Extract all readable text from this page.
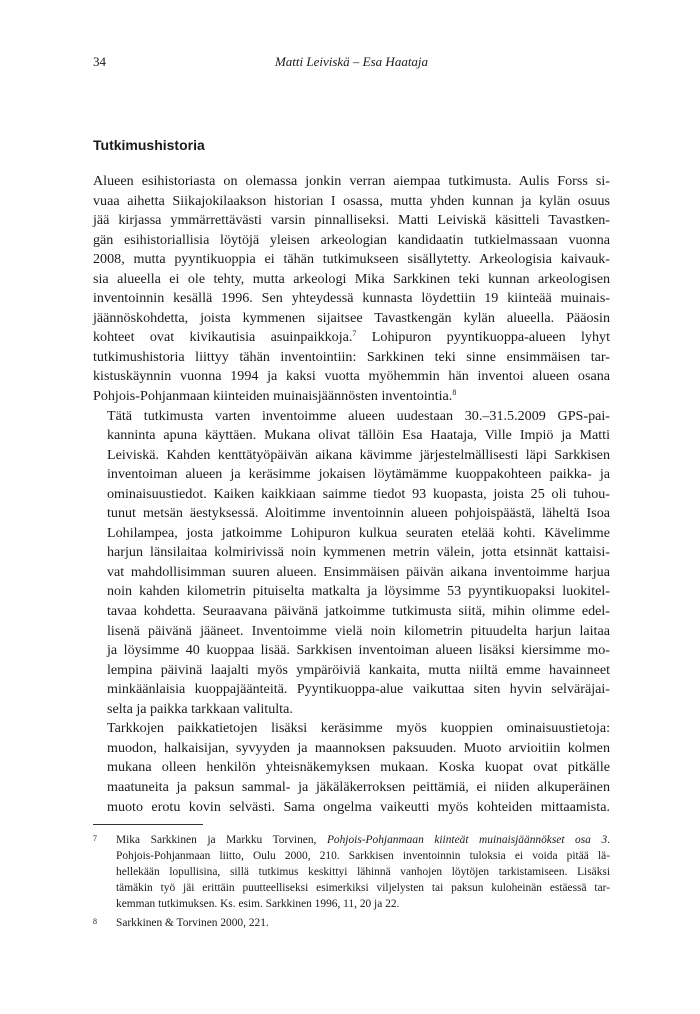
34	Matti Leiviskä – Esa Haataja
Tutkimushistoria

Alueen esihistoriasta on olemassa jonkin verran aiempaa tutkimusta. Aulis Forss si-
vuaa aihetta Siikajokilaakson historian I osassa, mutta yhden kunnan ja kylän osuus
jää kirjassa ymmärrettävästi varsin pinnalliseksi. Matti Leiviskä käsitteli Tavastken-
gän esihistoriallisia löytöjä yleisen arkeologian kandidaatin tutkielmassaan vuonna
2008, mutta pyyntikuoppia ei tähän tutkimukseen sisällytetty. Arkeologisia kaivauk-
sia alueella ei ole tehty, mutta arkeologi Mika Sarkkinen teki kunnan arkeologisen
inventoinnin kesällä 1996. Sen yhteydessä kunnasta löydettiin 19 kiinteää muinais-
jäännöskohdetta, joista kymmenen sijaitsee Tavastkengän kylän alueella. Pääosin
kohteet ovat kivikautisia asuinpaikkoja.$^7$ Lohipuron pyyntikuoppa-alueen lyhyt
tutkimushistoria liittyy tähän inventointiin: Sarkkinen teki sinne ensimmäisen tar-
kistuskäynnin vuonna 1994 ja kaksi vuotta myöhemmin hän inventoi alueen osana
Pohjois-Pohjanmaan kiinteiden muinaisjäännösten inventointia.$^8$

Tätä tutkimusta varten inventoimme alueen uudestaan 30.–31.5.2009 GPS-pai-
kanninta apuna käyttäen. Mukana olivat tällöin Esa Haataja, Ville Impiö ja Matti
Leiviskä. Kahden kenttätyöpäivän aikana kävimme järjestelmällisesti läpi Sarkkisen
inventoiman alueen ja keräsimme jokaisen löytämämme kuoppakohteen paikka- ja
ominaisuustiedot. Kaiken kaikkiaan saimme tiedot 93 kuopasta, joista 25 oli tuhou-
tunut metsän äestyksessä. Aloitimme inventoinnin alueen pohjoispäästä, läheltä Isoa
Lohilampea, josta jatkoimme Lohipuron kulkua seuraten etelää kohti. Kävelimme
harjun länsilaitaa kolmirivissä noin kymmenen metrin välein, jotta etsinnät kattaisi-
vat mahdollisimman suuren alueen. Ensimmäisen päivän aikana inventoimme harjua
noin kahden kilometrin pituiselta matkalta ja löysimme 53 pyyntikuopaksi luokitel-
tavaa kohdetta. Seuraavana päivänä jatkoimme tutkimusta siitä, mihin olimme edel-
lisenä päivänä jääneet. Inventoimme vielä noin kilometrin pituudelta harjun laitaa
ja löysimme 40 kuoppaa lisää. Sarkkisen inventoiman alueen lisäksi kiersimme mo-
lempina päivinä laajalti myös ympäröiviä kankaita, mutta niiltä emme havainneet
minkäänlaisia kuoppajäänteitä. Pyyntikuoppa-alue vaikuttaa siten hyvin selväräjai-
selta ja paikka tarkkaan valitulta.

Tarkkojen paikkatietojen lisäksi keräsimme myös kuoppien ominaisuustietoja:
muodon, halkaisijan, syvyyden ja maannoksen paksuuden. Muoto arvioitiin kolmen
mukana olleen henkilön yhteisnäkemyksen mukaan. Koska kuopat ovat pitkälle
maatuneita ja paksun sammal- ja jäkäläkerroksen peittämiä, ei niiden alkuperäinen
muoto erotu kovin selvästi. Sama ongelma vaikeutti myös kohteiden mittaamista.

7 Mika Sarkkinen ja Markku Torvinen, Pohjois-Pohjanmaan kiinteät muinaisjäännökset osa 3.
Pohjois-Pohjanmaan liitto, Oulu 2000, 210. Sarkkisen inventoinnin tuloksia ei voida pitää lä-
hellekään lopullisina, sillä tutkimus keskittyi lähinnä vanhojen löytöjen tarkistamiseen. Lisäksi
tämäkin työ jäi erittäin puutteelliseksi esimerkiksi viljelysten tai paksun kuloheinän estäessä tar-
kemman tutkimuksen. Ks. esim. Sarkkinen 1996, 11, 20 ja 22.
8 Sarkkinen & Torvinen 2000, 221.
